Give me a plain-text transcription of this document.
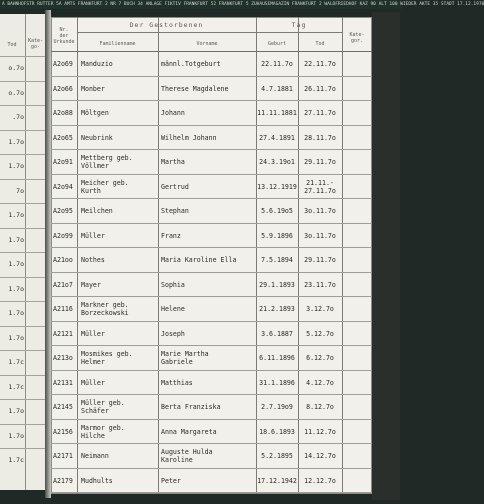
A BAHNHOFSTR RUTTER 5A AMTS FRANKFURT 2 NR 7 BUCH 34 ANLAGE FIKTIV FRANKFURT 52 FRANKFURT 5 ZUHAUSEMAGAZIN FRANKFURT 2 WALDFRIEDHOF KAZ 90 ALT 100 WIEDER AKTE 35 STADT 17.12.1970
Tod
Kate-
go-
o.7o
o.7o
.7o
1.7o
1.7o
7o
1.7o
1.7o
1.7o
1.7o
1.7o
1.7o
1.7c
1.7c
1.7o
1.7o
1.7c
Nr.
der
Urkunde
Der Gestorbenen	Tag
Familienname	Vorname	Geburt	Tod
Kate-
gor.
A2o69	Manduzio	männl.Totgeburt	22.11.7o	22.11.7o
A2o66	Monber	Therese Magdalene	4.7.1881	26.11.7o
A2o88	Möltgen	Johann	11.11.1881	27.11.7o
A2o65	Neubrink	Wilhelm Johann	27.4.1891	28.11.7o
A2o91	Mettberg geb.
Völlmer	Martha	24.3.19o1	29.11.7o
A2o94	Meicher geb.
Kurth	Gertrud	13.12.1919	21.11.-
27.11.7o
A2o95	Meilchen	Stephan	5.6.19o5	3o.11.7o
A2o99	Müller	Franz	5.9.1896	3o.11.7o
A21oo	Nothes	Maria Karoline Ella	7.5.1894	29.11.7o
A21o7	Mayer	Sophia	29.1.1893	23.11.7o
A2116	Markner geb.
Borzeckowski	Helene	21.2.1893	3.12.7o
A2121	Müller	Joseph	3.6.1887	5.12.7o
A213o	Mosmikes geb.
Helmer
Marie Martha
Gabriele	6.11.1896	6.12.7o
A2131	Müller	Matthias	31.1.1896	4.12.7o
A2145	Müller geb.
Schäfer	Berta Franziska	2.7.19o9	8.12.7o
A2156	Marmor geb.
Hilche	Anna Margareta	18.6.1893	11.12.7o
A2171	Neimann	Auguste Hulda
Karoline	5.2.1895	14.12.7o
A2179	Mudhults	Peter	17.12.1942	12.12.7o
